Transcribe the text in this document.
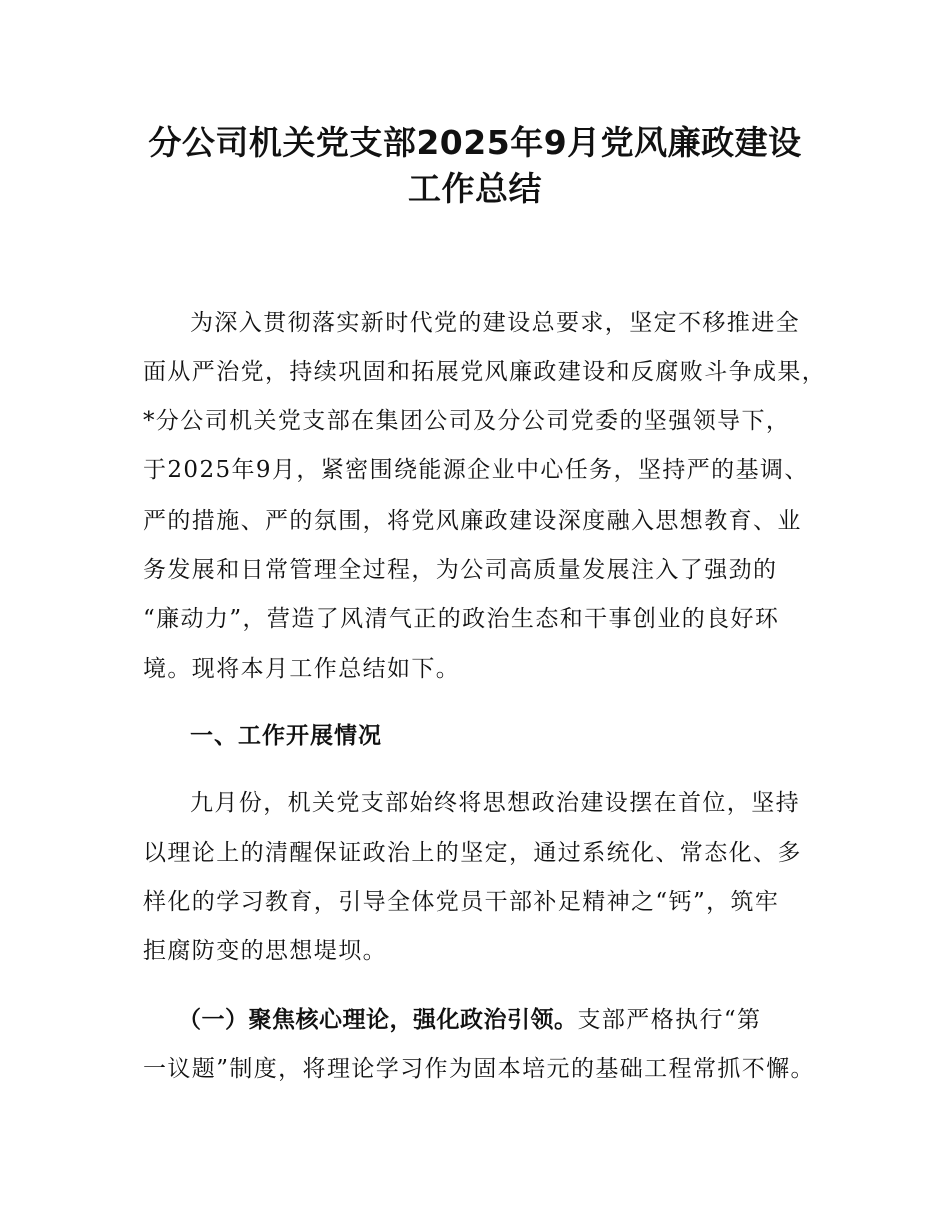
分公司机关党支部2025年9月党风廉政建设
工作总结
为深入贯彻落实新时代党的建设总要求，坚定不移推进全
面从严治党，持续巩固和拓展党风廉政建设和反腐败斗争成果，
*分公司机关党支部在集团公司及分公司党委的坚强领导下，
于2025年9月，紧密围绕能源企业中心任务，坚持严的基调、
严的措施、严的氛围，将党风廉政建设深度融入思想教育、业
务发展和日常管理全过程，为公司高质量发展注入了强劲的
“廉动力”，营造了风清气正的政治生态和干事创业的良好环
境。现将本月工作总结如下。
一、工作开展情况
九月份，机关党支部始终将思想政治建设摆在首位，坚持
以理论上的清醒保证政治上的坚定，通过系统化、常态化、多
样化的学习教育，引导全体党员干部补足精神之“钙”，筑牢
拒腐防变的思想堤坝。
（一）聚焦核心理论，强化政治引领。支部严格执行“第
一议题”制度，将理论学习作为固本培元的基础工程常抓不懈。
